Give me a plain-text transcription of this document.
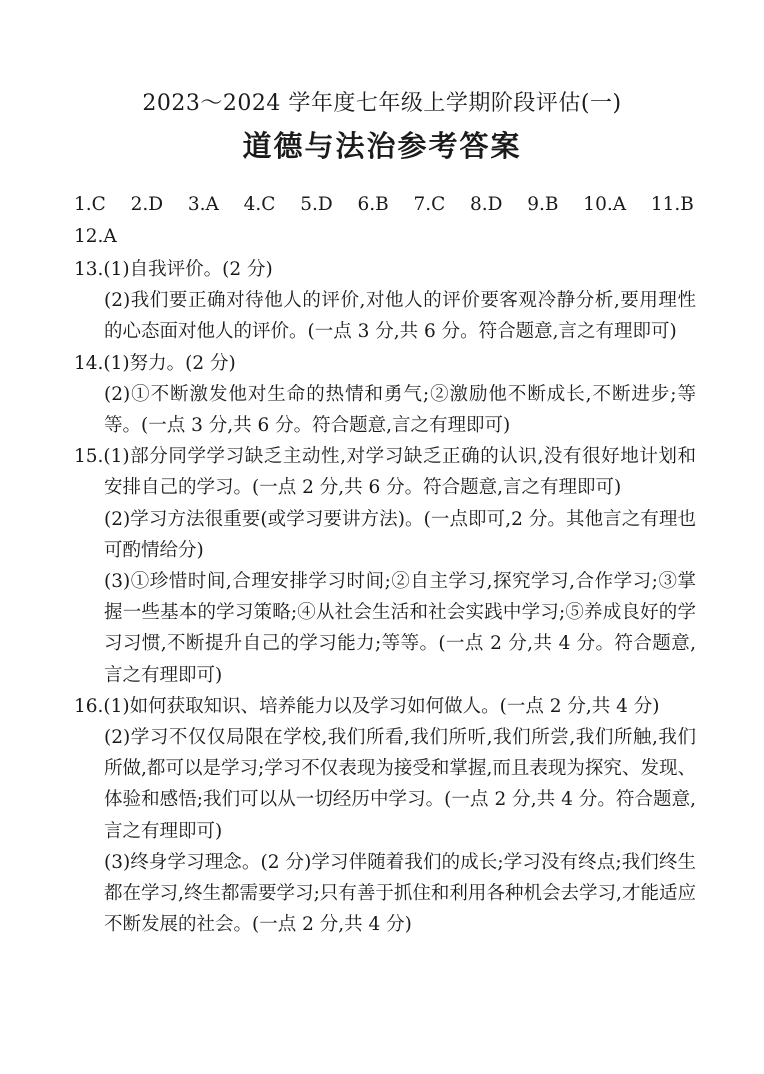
2023～2024 学年度七年级上学期阶段评估(一)
道德与法治参考答案
1.C 2.D 3.A 4.C 5.D 6.B 7.C 8.D 9.B 10.A 11.B
12.A
13.(1)自我评价。(2 分)
(2)我们要正确对待他人的评价,对他人的评价要客观冷静分析,要用理性的心态面对他人的评价。(一点 3 分,共 6 分。符合题意,言之有理即可)
14.(1)努力。(2 分)
(2)①不断激发他对生命的热情和勇气;②激励他不断成长,不断进步;等等。(一点 3 分,共 6 分。符合题意,言之有理即可)
15.(1)部分同学学习缺乏主动性,对学习缺乏正确的认识,没有很好地计划和安排自己的学习。(一点 2 分,共 6 分。符合题意,言之有理即可)
(2)学习方法很重要(或学习要讲方法)。(一点即可,2 分。其他言之有理也可酌情给分)
(3)①珍惜时间,合理安排学习时间;②自主学习,探究学习,合作学习;③掌握一些基本的学习策略;④从社会生活和社会实践中学习;⑤养成良好的学习习惯,不断提升自己的学习能力;等等。(一点 2 分,共 4 分。符合题意,言之有理即可)
16.(1)如何获取知识、培养能力以及学习如何做人。(一点 2 分,共 4 分)
(2)学习不仅仅局限在学校,我们所看,我们所听,我们所尝,我们所触,我们所做,都可以是学习;学习不仅表现为接受和掌握,而且表现为探究、发现、体验和感悟;我们可以从一切经历中学习。(一点 2 分,共 4 分。符合题意,言之有理即可)
(3)终身学习理念。(2 分)学习伴随着我们的成长;学习没有终点;我们终生都在学习,终生都需要学习;只有善于抓住和利用各种机会去学习,才能适应不断发展的社会。(一点 2 分,共 4 分)
